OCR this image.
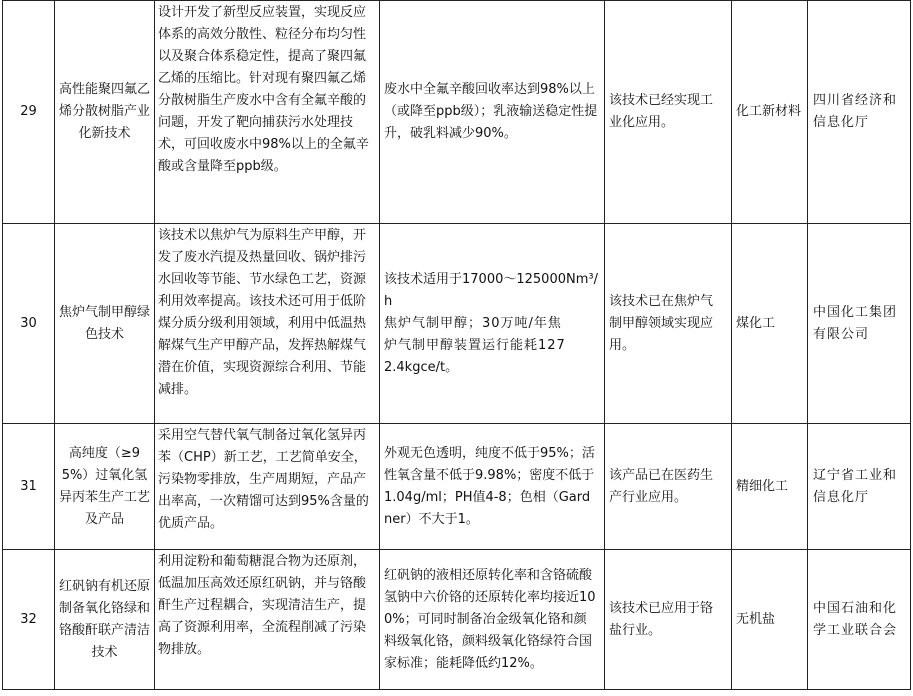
29	高性能聚四氟乙烯分散树脂产业化新技术	设计开发了新型反应装置，实现反应体系的高效分散性、粒径分布均匀性以及聚合体系稳定性，提高了聚四氟乙烯的压缩比。针对现有聚四氟乙烯分散树脂生产废水中含有全氟辛酸的问题，开发了靶向捕获污水处理技术，可回收废水中98%以上的全氟辛酸或含量降至ppb级。	废水中全氟辛酸回收率达到98%以上（或降至ppb级）；乳液输送稳定性提升，破乳料减少90%。	该技术已经实现工业化应用。	化工新材料	四川省经济和信息化厅
30	焦炉气制甲醇绿色技术	该技术以焦炉气为原料生产甲醇，开发了废水汽提及热量回收、锅炉排污水回收等节能、节水绿色工艺，资源利用效率提高。该技术还可用于低阶煤分质分级利用领域，利用中低温热解煤气生产甲醇产品，发挥热解煤气潜在价值，实现资源综合利用、节能减排。	该技术适用于17000～125000Nm³/h
焦炉气制甲醇；30万吨/年焦
炉气制甲醇装置运行能耗127
2.4kgce/t。	该技术已在焦炉气制甲醇领域实现应用。	煤化工	中国化工集团有限公司
31	高纯度（≥95%）过氧化氢异丙苯生产工艺及产品	采用空气替代氧气制备过氧化氢异丙苯（CHP）新工艺，工艺简单安全，污染物零排放，生产周期短，产品产出率高，一次精馏可达到95%含量的优质产品。	外观无色透明，纯度不低于95%；活性氧含量不低于9.98%；密度不低于1.04g/ml；PH值4-8；色相（Gardner）不大于1。	该产品已在医药生产行业应用。	精细化工	辽宁省工业和信息化厅
32	红矾钠有机还原制备氧化铬绿和铬酸酐联产清洁技术	利用淀粉和葡萄糖混合物为还原剂，低温加压高效还原红矾钠，并与铬酸酐生产过程耦合，实现清洁生产，提高了资源利用率，全流程削减了污染物排放。	红矾钠的液相还原转化率和含铬硫酸氢钠中六价铬的还原转化率均接近100%；可同时制备冶金级氧化铬和颜料级氧化铬，颜料级氧化铬绿符合国家标准；能耗降低约12%。	该技术已应用于铬盐行业。	无机盐	中国石油和化学工业联合会
